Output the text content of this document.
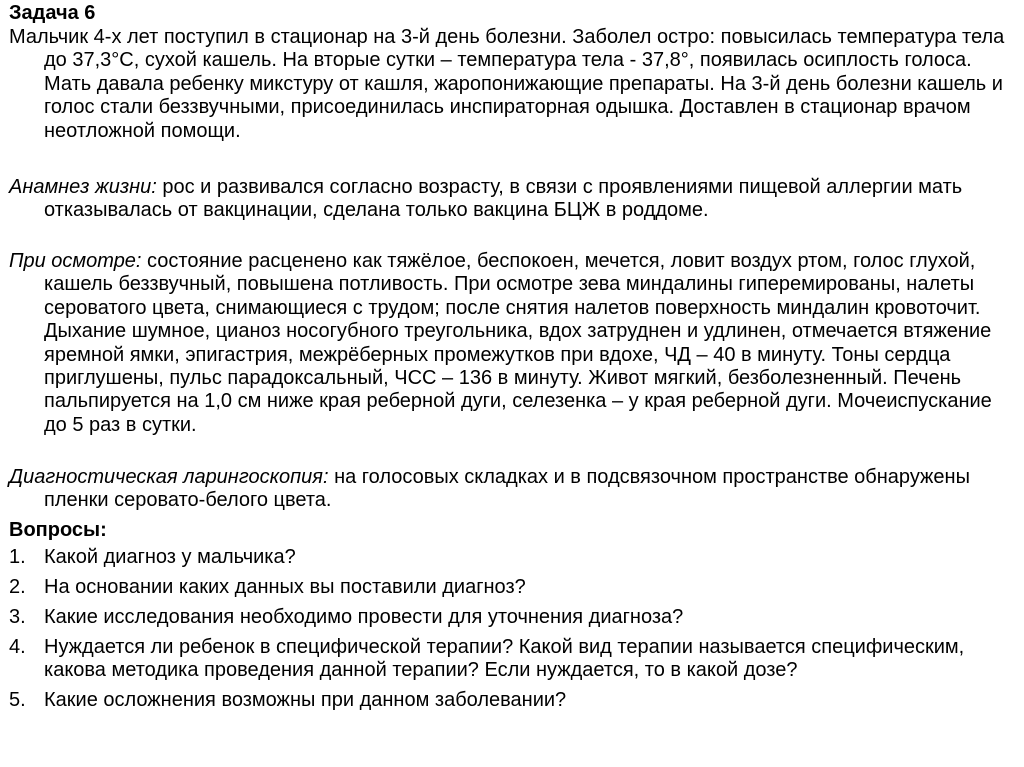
Задача 6
Мальчик 4-х лет поступил в стационар на 3-й день болезни. Заболел остро: повысилась температура тела до 37,3°С, сухой кашель. На вторые сутки – температура тела - 37,8°, появилась осиплость голоса. Мать давала ребенку микстуру от кашля, жаропонижающие препараты. На 3-й день болезни кашель и голос стали беззвучными, присоединилась инспираторная одышка. Доставлен в стационар врачом неотложной помощи.
Анамнез жизни: рос и развивался согласно возрасту, в связи с проявлениями пищевой аллергии мать отказывалась от вакцинации, сделана только вакцина БЦЖ в роддоме.
При осмотре: состояние расценено как тяжёлое, беспокоен, мечется, ловит воздух ртом, голос глухой, кашель беззвучный, повышена потливость. При осмотре зева миндалины гиперемированы, налеты сероватого цвета, снимающиеся с трудом; после снятия налетов поверхность миндалин кровоточит. Дыхание шумное, цианоз носогубного треугольника, вдох затруднен и удлинен, отмечается втяжение яремной ямки, эпигастрия, межрёберных промежутков при вдохе, ЧД – 40 в минуту. Тоны сердца приглушены, пульс парадоксальный, ЧСС – 136 в минуту. Живот мягкий, безболезненный. Печень пальпируется на 1,0 см ниже края реберной дуги, селезенка – у края реберной дуги. Мочеиспускание до 5 раз в сутки.
Диагностическая ларингоскопия: на голосовых складках и в подсвязочном пространстве обнаружены пленки серовато-белого цвета.
Вопросы:
1. Какой диагноз у мальчика?
2. На основании каких данных вы поставили диагноз?
3. Какие исследования необходимо провести для уточнения диагноза?
4. Нуждается ли ребенок в специфической терапии? Какой вид терапии называется специфическим, какова методика проведения данной терапии? Если нуждается, то в какой дозе?
5. Какие осложнения возможны при данном заболевании?
